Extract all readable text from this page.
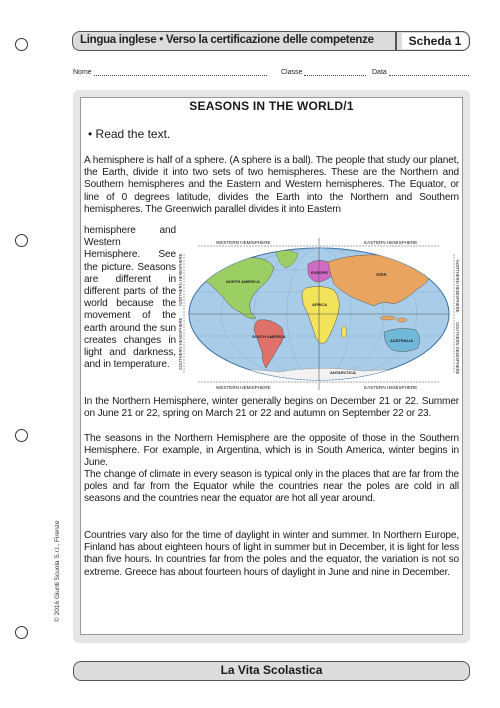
Lingua inglese • Verso la certificazione delle competenze	Scheda 1
Nome	Classe	Data
SEASONS IN THE WORLD/1
• Read the text.
A hemisphere is half of a sphere. (A sphere is a ball). The people that study our planet, the Earth, divide it into two sets of two hemispheres. These are the Northern and Southern hemispheres and the Eastern and Western hemispheres. The Equator, or line of 0 degrees latitude, divides the Earth into the Northern and Southern hemispheres. The Greenwich parallel divides it into Eastern
hemisphere and Western Hemisphere. See the picture. Seasons are different in different parts of the world because the movement of the earth around the sun creates changes in light and darkness, and in temperature.
WESTERN HEMISPHERE	EASTERN HEMISPHERE
WESTERN HEMISPHERE	EASTERN HEMISPHERE
NORTHERN HEMISPHERE
SOUTHERN HEMISPHERE
NORTHERN HEMISPHERE
SOUTHERN HEMISPHERE
NORTH AMERICA
SOUTH AMERICA
EUROPE	ASIA
AFRICA
AUSTRALIA
ANTARCTICA
In the Northern Hemisphere, winter generally begins on December 21 or 22. Summer on June 21 or 22, spring on March 21 or 22 and autumn on September 22 or 23.
The seasons in the Northern Hemisphere are the opposite of those in the Southern Hemisphere. For example, in Argentina, which is in South America, winter begins in June.
The change of climate in every season is typical only in the places that are far from the poles and far from the Equator while the countries near the poles are cold in all seasons and the countries near the equator are hot all year around.
Countries vary also for the time of daylight in winter and summer. In Northern Europe, Finland has about eighteen hours of light in summer but in December, it is light for less than five hours. In countries far from the poles and the equator, the variation is not so extreme. Greece has about fourteen hours of daylight in June and nine in December.
© 2016 Giunti Scuola S.r.l., Firenze
La Vita Scolastica
